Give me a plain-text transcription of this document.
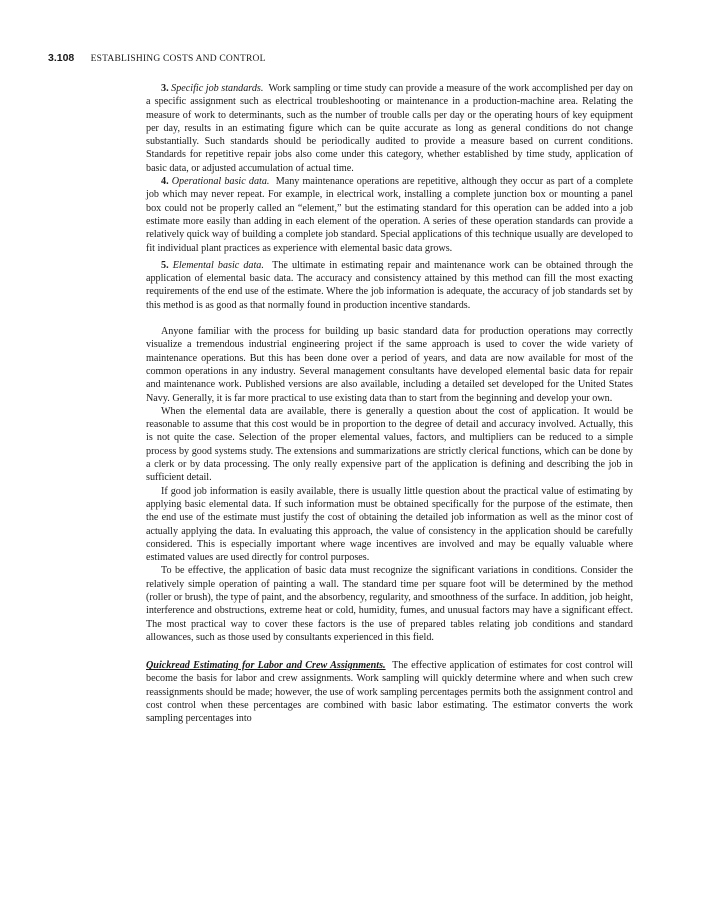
3.108 ESTABLISHING COSTS AND CONTROL

3. Specific job standards. Work sampling or time study can provide a measure of the work accomplished per day on a specific assignment such as electrical troubleshooting or maintenance in a production-machine area. Relating the measure of work to determinants, such as the number of trouble calls per day or the operating hours of key equipment per day, results in an estimating figure which can be quite accurate as long as general conditions do not change substantially. Such standards should be periodically audited to provide a measure based on current conditions. Standards for repetitive repair jobs also come under this category, whether established by time study, application of basic data, or adjusted accumulation of actual time.

4. Operational basic data. Many maintenance operations are repetitive, although they occur as part of a complete job which may never repeat. For example, in electrical work, installing a complete junction box or mounting a panel box could not be properly called an “element,” but the estimating standard for this operation can be added into a job estimate more easily than adding in each element of the operation. A series of these operation standards can provide a relatively quick way of building a complete job standard. Special applications of this technique usually are developed to fit individual plant practices as experience with elemental basic data grows.

5. Elemental basic data. The ultimate in estimating repair and maintenance work can be obtained through the application of elemental basic data. The accuracy and consistency attained by this method can fill the most exacting requirements of the end use of the estimate. Where the job information is adequate, the accuracy of job standards set by this method is as good as that normally found in production incentive standards.

Anyone familiar with the process for building up basic standard data for production operations may correctly visualize a tremendous industrial engineering project if the same approach is used to cover the wide variety of maintenance operations. But this has been done over a period of years, and data are now available for most of the common operations in any industry. Several management consultants have developed elemental basic data for repair and maintenance work. Published versions are also available, including a detailed set developed for the United States Navy. Generally, it is far more practical to use existing data than to start from the beginning and develop your own.

When the elemental data are available, there is generally a question about the cost of application. It would be reasonable to assume that this cost would be in proportion to the degree of detail and accuracy involved. Actually, this is not quite the case. Selection of the proper elemental values, factors, and multipliers can be reduced to a simple process by good systems study. The extensions and summarizations are strictly clerical functions, which can be done by a clerk or by data processing. The only really expensive part of the application is defining and describing the job in sufficient detail.

If good job information is easily available, there is usually little question about the practical value of estimating by applying basic elemental data. If such information must be obtained specifically for the purpose of the estimate, then the end use of the estimate must justify the cost of obtaining the detailed job information as well as the minor cost of actually applying the data. In evaluating this approach, the value of consistency in the application should be carefully considered. This is especially important where wage incentives are involved and may be equally valuable where estimated values are used directly for control purposes.

To be effective, the application of basic data must recognize the significant variations in conditions. Consider the relatively simple operation of painting a wall. The standard time per square foot will be determined by the method (roller or brush), the type of paint, and the absorbency, regularity, and smoothness of the surface. In addition, job height, interference and obstructions, extreme heat or cold, humidity, fumes, and unusual factors may have a significant effect. The most practical way to cover these factors is the use of prepared tables relating job conditions and standard allowances, such as those used by consultants experienced in this field.

Quickread Estimating for Labor and Crew Assignments. The effective application of estimates for cost control will become the basis for labor and crew assignments. Work sampling will quickly determine where and when such crew reassignments should be made; however, the use of work sampling percentages permits both the assignment control and cost control when these percentages are combined with basic labor estimating. The estimator converts the work sampling percentages into
